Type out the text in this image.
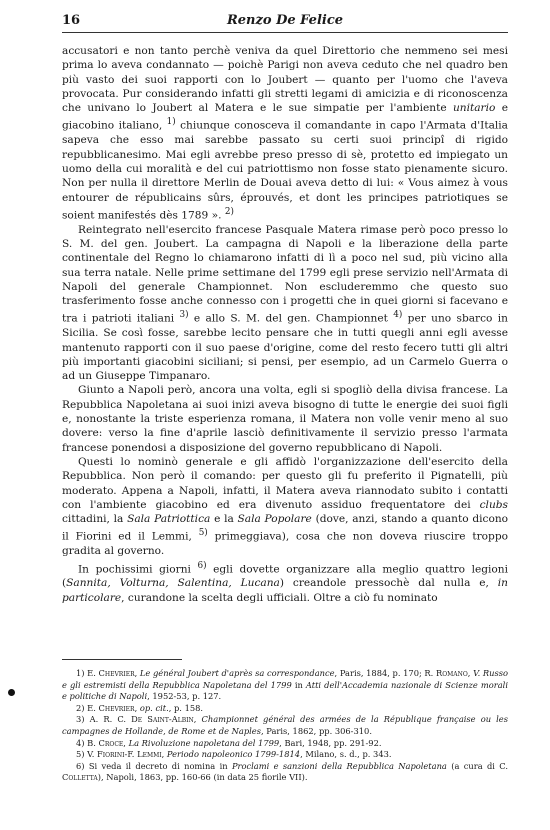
16	Renzo De Felice

accusatori e non tanto perchè veniva da quel Direttorio che nemmeno sei mesi prima lo aveva condannato — poichè Parigi non aveva ceduto che nel quadro ben più vasto dei suoi rapporti con lo Joubert — quanto per l'uomo che l'aveva provocata. Pur considerando infatti gli stretti legami di amicizia e di riconoscenza che univano lo Joubert al Matera e le sue simpatie per l'ambiente unitario e giacobino italiano, $^{1)}$ chiunque conosceva il comandante in capo l'Armata d'Italia sapeva che esso mai sarebbe passato su certi suoi principî di rigido repubblicanesimo. Mai egli avrebbe preso presso di sè, protetto ed impiegato un uomo della cui moralità e del cui patriottismo non fosse stato pienamente sicuro. Non per nulla il direttore Merlin de Douai aveva detto di lui: « Vous aimez à vous entourer de républicains sûrs, éprouvés, et dont les principes patriotiques se soient manifestés dès 1789 ». $^{2)}$

Reintegrato nell'esercito francese Pasquale Matera rimase però poco presso lo S. M. del gen. Joubert. La campagna di Napoli e la liberazione della parte continentale del Regno lo chiamarono infatti di lì a poco nel sud, più vicino alla sua terra natale. Nelle prime settimane del 1799 egli prese servizio nell'Armata di Napoli del generale Championnet. Non escluderemmo che questo suo trasferimento fosse anche connesso con i progetti che in quei giorni si facevano e tra i patrioti italiani $^{3)}$ e allo S. M. del gen. Championnet $^{4)}$ per uno sbarco in Sicilia. Se così fosse, sarebbe lecito pensare che in tutti quegli anni egli avesse mantenuto rapporti con il suo paese d'origine, come del resto fecero tutti gli altri più importanti giacobini siciliani; si pensi, per esempio, ad un Carmelo Guerra o ad un Giuseppe Timpanaro.

Giunto a Napoli però, ancora una volta, egli si spogliò della divisa francese. La Repubblica Napoletana ai suoi inizi aveva bisogno di tutte le energie dei suoi figli e, nonostante la triste esperienza romana, il Matera non volle venir meno al suo dovere: verso la fine d'aprile lasciò definitivamente il servizio presso l'armata francese ponendosi a disposizione del governo repubblicano di Napoli.

Questi lo nominò generale e gli affidò l'organizzazione dell'esercito della Repubblica. Non però il comando: per questo gli fu preferito il Pignatelli, più moderato. Appena a Napoli, infatti, il Matera aveva riannodato subito i contatti con l'ambiente giacobino ed era divenuto assiduo frequentatore dei clubs cittadini, la Sala Patriottica e la Sala Popolare (dove, anzi, stando a quanto dicono il Fiorini ed il Lemmi, $^{5)}$ primeggiava), cosa che non doveva riuscire troppo gradita al governo.

In pochissimi giorni $^{6)}$ egli dovette organizzare alla meglio quattro legioni (Sannita, Volturna, Salentina, Lucana) creandole pressochè dal nulla e, in particolare, curandone la scelta degli ufficiali. Oltre a ciò fu nominato

1) E. Chevrier, Le général Joubert d'après sa correspondance, Paris, 1884, p. 170; R. Romano, V. Russo e gli estremisti della Repubblica Napoletana del 1799 in Atti dell'Accademia nazionale di Scienze morali e politiche di Napoli, 1952-53, p. 127.

2) E. Chevrier, op. cit., p. 158.

3) A. R. C. De Saint-Albin, Championnet général des armées de la République française ou les campagnes de Hollande, de Rome et de Naples, Paris, 1862, pp. 306-310.

4) B. Croce, La Rivoluzione napoletana del 1799, Bari, 1948, pp. 291-92.

5) V. Fiorini-F. Lemmi, Periodo napoleonico 1799-1814, Milano, s. d., p. 343.

6) Si veda il decreto di nomina in Proclami e sanzioni della Repubblica Napoletana (a cura di C. Colletta), Napoli, 1863, pp. 160-66 (in data 25 fiorile VII).
